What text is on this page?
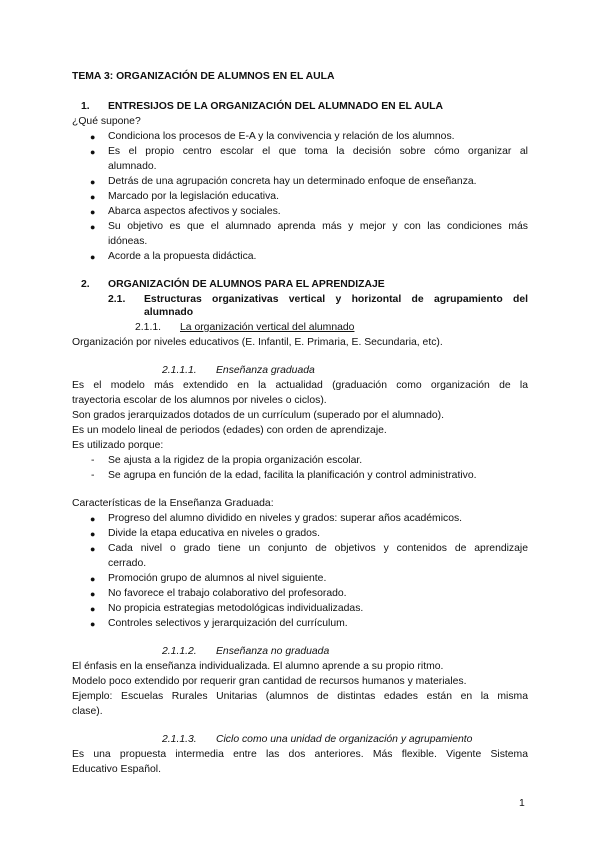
TEMA 3: ORGANIZACIÓN DE ALUMNOS EN EL AULA
1. ENTRESIJOS DE LA ORGANIZACIÓN DEL ALUMNADO EN EL AULA
¿Qué supone?
● Condiciona los procesos de E-A y la convivencia y relación de los alumnos.
● Es el propio centro escolar el que toma la decisión sobre cómo organizar al
alumnado.
● Detrás de una agrupación concreta hay un determinado enfoque de enseñanza.
● Marcado por la legislación educativa.
● Abarca aspectos afectivos y sociales.
● Su objetivo es que el alumnado aprenda más y mejor y con las condiciones más
idóneas.
● Acorde a la propuesta didáctica.
2. ORGANIZACIÓN DE ALUMNOS PARA EL APRENDIZAJE
2.1. Estructuras organizativas vertical y horizontal de agrupamiento del
alumnado
2.1.1. La organización vertical del alumnado
Organización por niveles educativos (E. Infantil, E. Primaria, E. Secundaria, etc).
2.1.1.1. Enseñanza graduada
Es el modelo más extendido en la actualidad (graduación como organización de la
trayectoria escolar de los alumnos por niveles o ciclos).
Son grados jerarquizados dotados de un currículum (superado por el alumnado).
Es un modelo lineal de periodos (edades) con orden de aprendizaje.
Es utilizado porque:
- Se ajusta a la rigidez de la propia organización escolar.
- Se agrupa en función de la edad, facilita la planificación y control administrativo.
Características de la Enseñanza Graduada:
● Progreso del alumno dividido en niveles y grados: superar años académicos.
● Divide la etapa educativa en niveles o grados.
● Cada nivel o grado tiene un conjunto de objetivos y contenidos de aprendizaje
cerrado.
● Promoción grupo de alumnos al nivel siguiente.
● No favorece el trabajo colaborativo del profesorado.
● No propicia estrategias metodológicas individualizadas.
● Controles selectivos y jerarquización del currículum.
2.1.1.2. Enseñanza no graduada
El énfasis en la enseñanza individualizada. El alumno aprende a su propio ritmo.
Modelo poco extendido por requerir gran cantidad de recursos humanos y materiales.
Ejemplo: Escuelas Rurales Unitarias (alumnos de distintas edades están en la misma
clase).
2.1.1.3. Ciclo como una unidad de organización y agrupamiento
Es una propuesta intermedia entre las dos anteriores. Más flexible. Vigente Sistema
Educativo Español.
1
